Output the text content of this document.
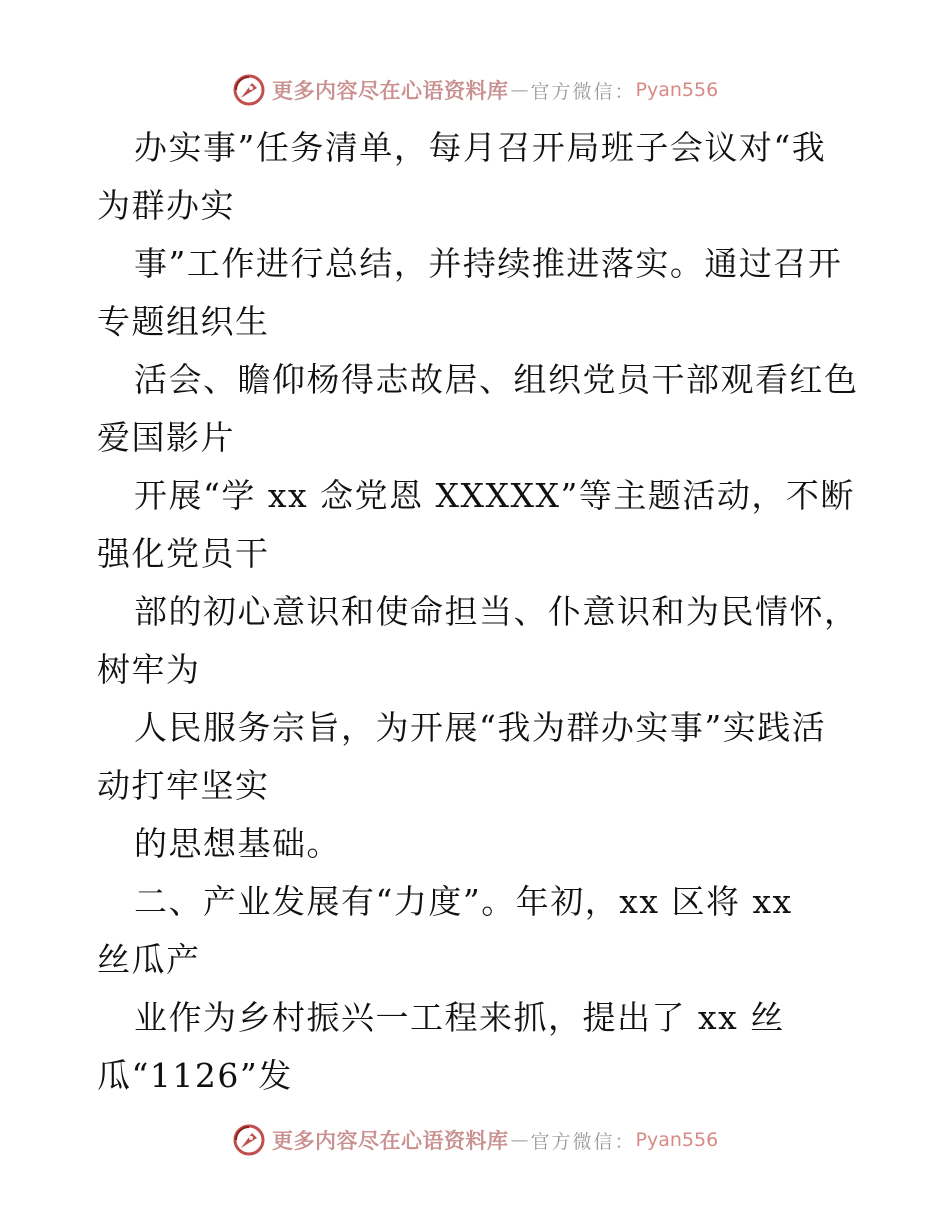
更多内容尽在心语资料库 — 官方微信： Pyan556
办实事”任务清单，每月召开局班子会议对“我
为群办实
事”工作进行总结，并持续推进落实。通过召开
专题组织生
活会、瞻仰杨得志故居、组织党员干部观看红色
爱国影片
开展“学 xx 念党恩 XXXXX”等主题活动，不断
强化党员干
部的初心意识和使命担当、仆意识和为民情怀，
树牢为
人民服务宗旨，为开展“我为群办实事”实践活
动打牢坚实
的思想基础。
二、产业发展有“力度”。年初，xx 区将 xx
丝瓜产
业作为乡村振兴一工程来抓，提出了 xx 丝
瓜“1126”发
更多内容尽在心语资料库 — 官方微信： Pyan556
